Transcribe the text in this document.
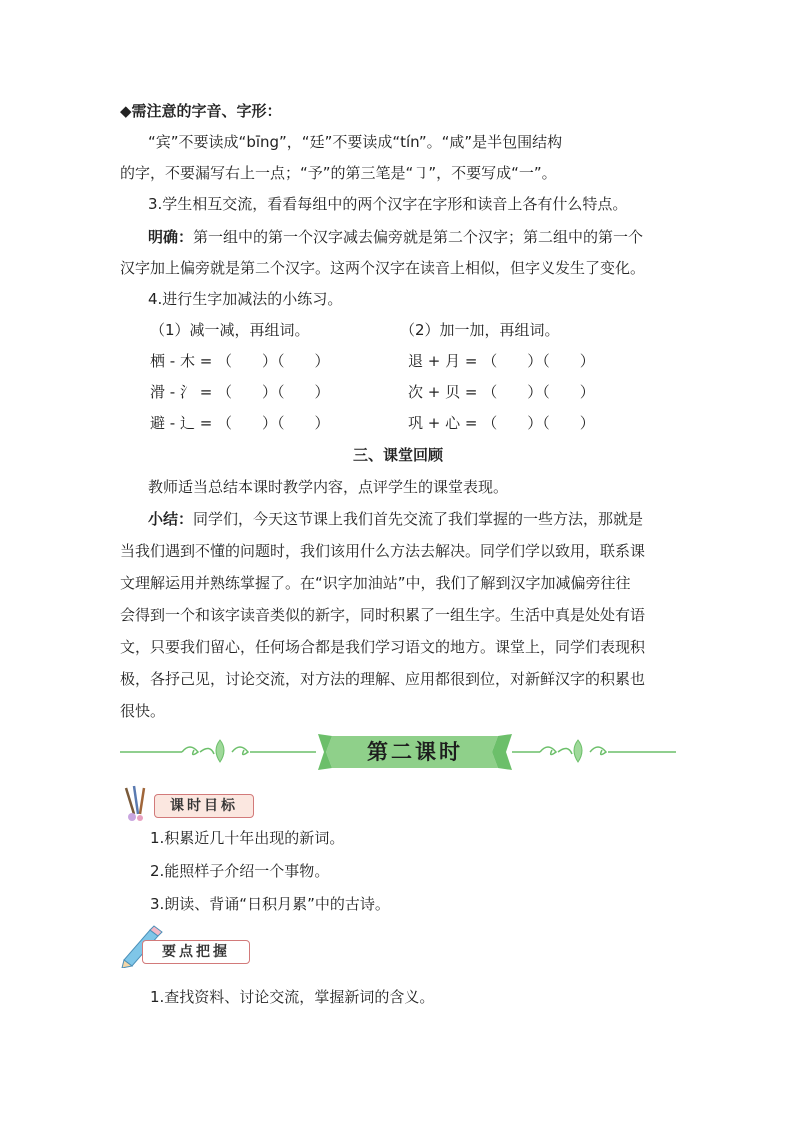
◆需注意的字音、字形：
“宾”不要读成“bīng”，“廷”不要读成“tín”。“咸”是半包围结构
的字，不要漏写右上一点；“予”的第三笔是“㇆”，不要写成“一”。
3.学生相互交流，看看每组中的两个汉字在字形和读音上各有什么特点。
明确：第一组中的第一个汉字减去偏旁就是第二个汉字；第二组中的第一个
汉字加上偏旁就是第二个汉字。这两个汉字在读音上相似，但字义发生了变化。
4.进行生字加减法的小练习。
（1）减一减，再组词。	（2）加一加，再组词。
栖 - 木 = （　　）（　　）
滑 - 氵 = （　　）（　　）
避 - 辶 = （　　）（　　）
退 + 月 = （　　）（　　）
次 + 贝 = （　　）（　　）
巩 + 心 = （　　）（　　）
三、课堂回顾
教师适当总结本课时教学内容，点评学生的课堂表现。
小结：同学们，今天这节课上我们首先交流了我们掌握的一些方法，那就是
当我们遇到不懂的问题时，我们该用什么方法去解决。同学们学以致用，联系课
文理解运用并熟练掌握了。在“识字加油站”中，我们了解到汉字加减偏旁往往
会得到一个和该字读音类似的新字，同时积累了一组生字。生活中真是处处有语
文，只要我们留心，任何场合都是我们学习语文的地方。课堂上，同学们表现积
极，各抒己见，讨论交流，对方法的理解、应用都很到位，对新鲜汉字的积累也
很快。
第二课时
课时目标
1.积累近几十年出现的新词。
2.能照样子介绍一个事物。
3.朗读、背诵“日积月累”中的古诗。
要点把握
1.查找资料、讨论交流，掌握新词的含义。
